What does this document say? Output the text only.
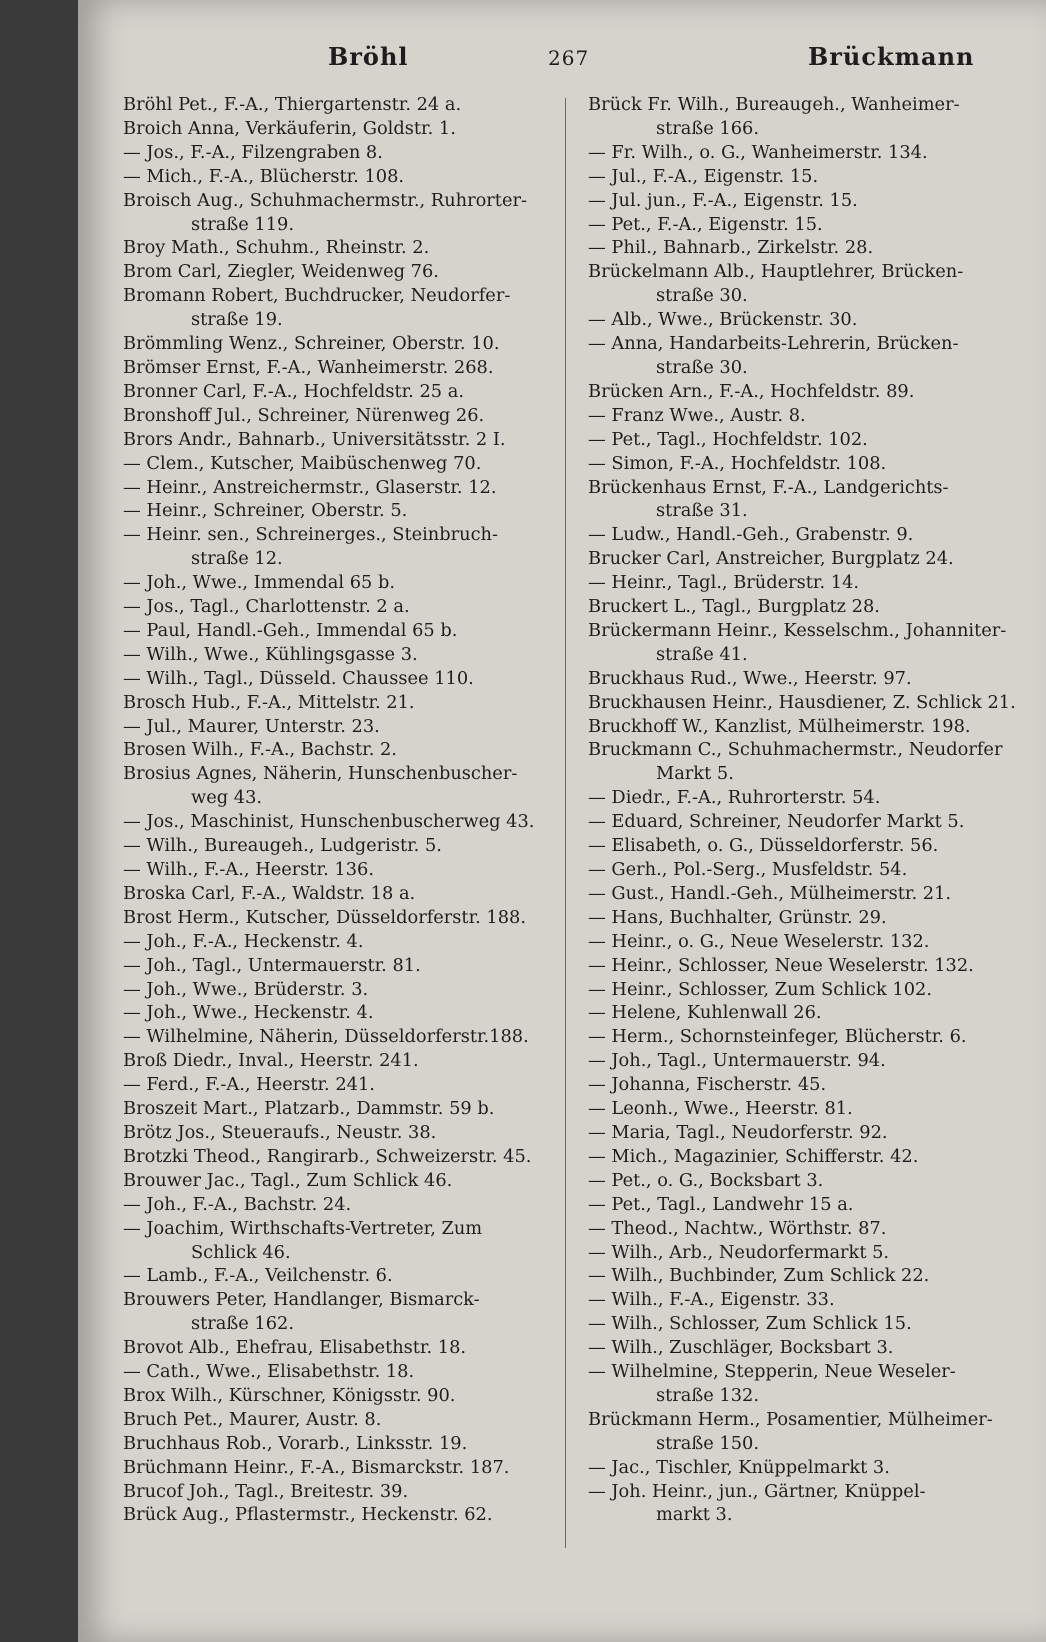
Bröhl	267	Brückmann
Bröhl Pet., F.-A., Thiergartenstr. 24 a.
Broich Anna, Verkäuferin, Goldstr. 1.
— Jos., F.-A., Filzengraben 8.
— Mich., F.-A., Blücherstr. 108.
Broisch Aug., Schuhmachermstr., Ruhrorter-
straße 119.
Broy Math., Schuhm., Rheinstr. 2.
Brom Carl, Ziegler, Weidenweg 76.
Bromann Robert, Buchdrucker, Neudorfer-
straße 19.
Brömmling Wenz., Schreiner, Oberstr. 10.
Brömser Ernst, F.-A., Wanheimerstr. 268.
Bronner Carl, F.-A., Hochfeldstr. 25 a.
Bronshoff Jul., Schreiner, Nürenweg 26.
Brors Andr., Bahnarb., Universitätsstr. 2 I.
— Clem., Kutscher, Maibüschenweg 70.
— Heinr., Anstreichermstr., Glaserstr. 12.
— Heinr., Schreiner, Oberstr. 5.
— Heinr. sen., Schreinerges., Steinbruch-
straße 12.
— Joh., Wwe., Immendal 65 b.
— Jos., Tagl., Charlottenstr. 2 a.
— Paul, Handl.-Geh., Immendal 65 b.
— Wilh., Wwe., Kühlingsgasse 3.
— Wilh., Tagl., Düsseld. Chaussee 110.
Brosch Hub., F.-A., Mittelstr. 21.
— Jul., Maurer, Unterstr. 23.
Brosen Wilh., F.-A., Bachstr. 2.
Brosius Agnes, Näherin, Hunschenbuscher-
weg 43.
— Jos., Maschinist, Hunschenbuscherweg 43.
— Wilh., Bureaugeh., Ludgeristr. 5.
— Wilh., F.-A., Heerstr. 136.
Broska Carl, F.-A., Waldstr. 18 a.
Brost Herm., Kutscher, Düsseldorferstr. 188.
— Joh., F.-A., Heckenstr. 4.
— Joh., Tagl., Untermauerstr. 81.
— Joh., Wwe., Brüderstr. 3.
— Joh., Wwe., Heckenstr. 4.
— Wilhelmine, Näherin, Düsseldorferstr.188.
Broß Diedr., Inval., Heerstr. 241.
— Ferd., F.-A., Heerstr. 241.
Broszeit Mart., Platzarb., Dammstr. 59 b.
Brötz Jos., Steueraufs., Neustr. 38.
Brotzki Theod., Rangirarb., Schweizerstr. 45.
Brouwer Jac., Tagl., Zum Schlick 46.
— Joh., F.-A., Bachstr. 24.
— Joachim, Wirthschafts-Vertreter, Zum
Schlick 46.
— Lamb., F.-A., Veilchenstr. 6.
Brouwers Peter, Handlanger, Bismarck-
straße 162.
Brovot Alb., Ehefrau, Elisabethstr. 18.
— Cath., Wwe., Elisabethstr. 18.
Brox Wilh., Kürschner, Königsstr. 90.
Bruch Pet., Maurer, Austr. 8.
Bruchhaus Rob., Vorarb., Linksstr. 19.
Brüchmann Heinr., F.-A., Bismarckstr. 187.
Brucof Joh., Tagl., Breitestr. 39.
Brück Aug., Pflastermstr., Heckenstr. 62.
Brück Fr. Wilh., Bureaugeh., Wanheimer-
straße 166.
— Fr. Wilh., o. G., Wanheimerstr. 134.
— Jul., F.-A., Eigenstr. 15.
— Jul. jun., F.-A., Eigenstr. 15.
— Pet., F.-A., Eigenstr. 15.
— Phil., Bahnarb., Zirkelstr. 28.
Brückelmann Alb., Hauptlehrer, Brücken-
straße 30.
— Alb., Wwe., Brückenstr. 30.
— Anna, Handarbeits-Lehrerin, Brücken-
straße 30.
Brücken Arn., F.-A., Hochfeldstr. 89.
— Franz Wwe., Austr. 8.
— Pet., Tagl., Hochfeldstr. 102.
— Simon, F.-A., Hochfeldstr. 108.
Brückenhaus Ernst, F.-A., Landgerichts-
straße 31.
— Ludw., Handl.-Geh., Grabenstr. 9.
Brucker Carl, Anstreicher, Burgplatz 24.
— Heinr., Tagl., Brüderstr. 14.
Bruckert L., Tagl., Burgplatz 28.
Brückermann Heinr., Kesselschm., Johanniter-
straße 41.
Bruckhaus Rud., Wwe., Heerstr. 97.
Bruckhausen Heinr., Hausdiener, Z. Schlick 21.
Bruckhoff W., Kanzlist, Mülheimerstr. 198.
Bruckmann C., Schuhmachermstr., Neudorfer
Markt 5.
— Diedr., F.-A., Ruhrorterstr. 54.
— Eduard, Schreiner, Neudorfer Markt 5.
— Elisabeth, o. G., Düsseldorferstr. 56.
— Gerh., Pol.-Serg., Musfeldstr. 54.
— Gust., Handl.-Geh., Mülheimerstr. 21.
— Hans, Buchhalter, Grünstr. 29.
— Heinr., o. G., Neue Weselerstr. 132.
— Heinr., Schlosser, Neue Weselerstr. 132.
— Heinr., Schlosser, Zum Schlick 102.
— Helene, Kuhlenwall 26.
— Herm., Schornsteinfeger, Blücherstr. 6.
— Joh., Tagl., Untermauerstr. 94.
— Johanna, Fischerstr. 45.
— Leonh., Wwe., Heerstr. 81.
— Maria, Tagl., Neudorferstr. 92.
— Mich., Magazinier, Schifferstr. 42.
— Pet., o. G., Bocksbart 3.
— Pet., Tagl., Landwehr 15 a.
— Theod., Nachtw., Wörthstr. 87.
— Wilh., Arb., Neudorfermarkt 5.
— Wilh., Buchbinder, Zum Schlick 22.
— Wilh., F.-A., Eigenstr. 33.
— Wilh., Schlosser, Zum Schlick 15.
— Wilh., Zuschläger, Bocksbart 3.
— Wilhelmine, Stepperin, Neue Weseler-
straße 132.
Brückmann Herm., Posamentier, Mülheimer-
straße 150.
— Jac., Tischler, Knüppelmarkt 3.
— Joh. Heinr., jun., Gärtner, Knüppel-
markt 3.
